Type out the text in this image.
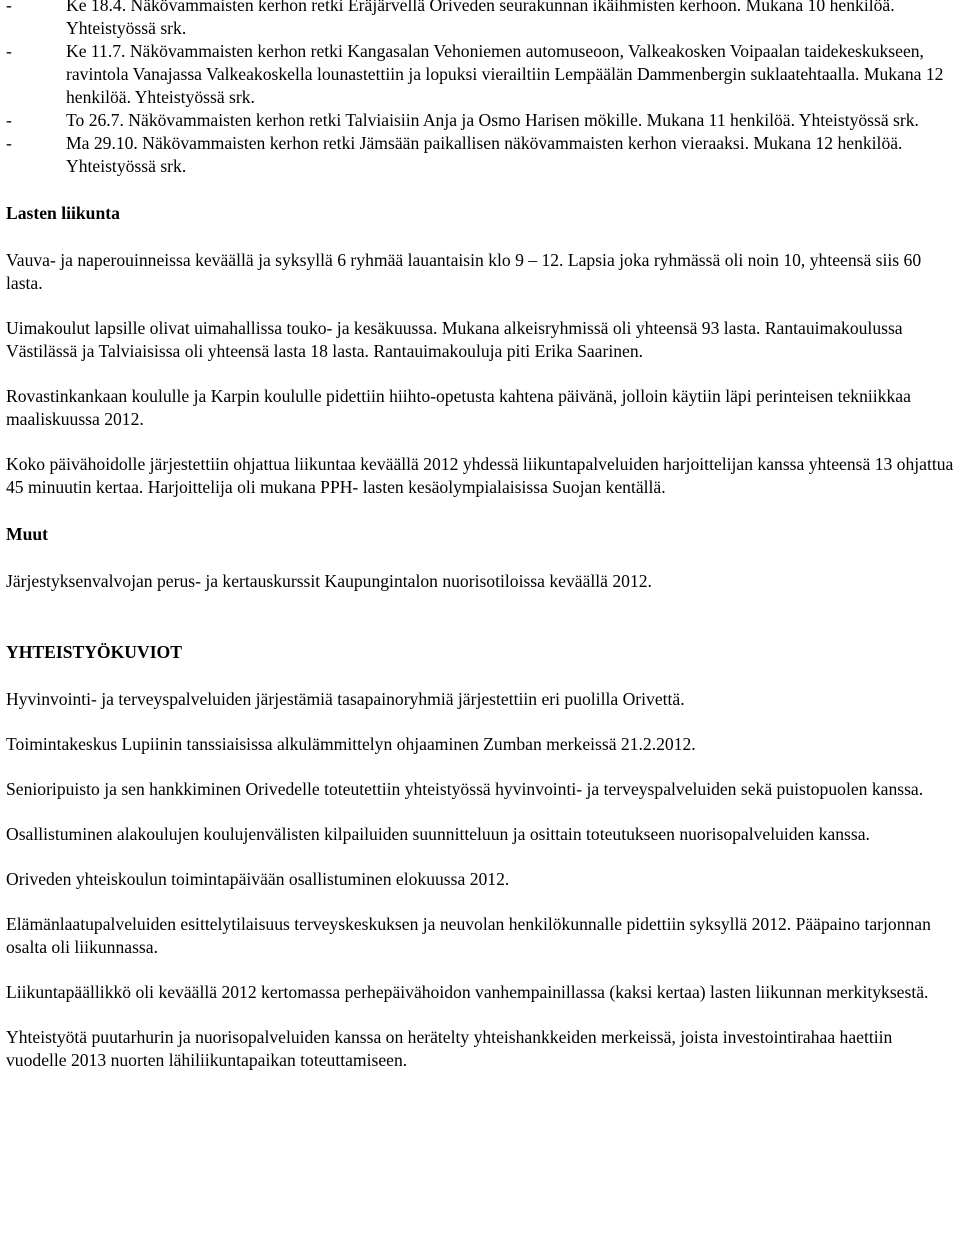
-	Ke 18.4. Näkövammaisten kerhon retki Eräjärvellä Oriveden seurakunnan ikäihmisten kerhoon. Mukana 10 henkilöä. Yhteistyössä srk.
-	Ke 11.7. Näkövammaisten kerhon retki Kangasalan Vehoniemen automuseoon, Valkeakosken Voipaalan taidekeskukseen, ravintola Vanajassa Valkeakoskella lounastettiin ja lopuksi vierailtiin Lempäälän Dammenbergin suklaatehtaalla. Mukana 12 henkilöä. Yhteistyössä srk.
-	To 26.7. Näkövammaisten kerhon retki Talviaisiin Anja ja Osmo Harisen mökille. Mukana 11 henkilöä. Yhteistyössä srk.
-	Ma 29.10. Näkövammaisten kerhon retki Jämsään paikallisen näkövammaisten kerhon vieraaksi. Mukana 12 henkilöä. Yhteistyössä srk.

Lasten liikunta

Vauva- ja naperouinneissa keväällä ja syksyllä 6 ryhmää lauantaisin klo 9 – 12. Lapsia joka ryhmässä oli noin 10, yhteensä siis 60 lasta.

Uimakoulut lapsille olivat uimahallissa touko- ja kesäkuussa. Mukana alkeisryhmissä oli yhteensä 93 lasta. Rantauimakoulussa Västilässä ja Talviaisissa oli yhteensä lasta 18 lasta. Rantauimakouluja piti Erika Saarinen.

Rovastinkankaan koululle ja Karpin koululle pidettiin hiihto-opetusta kahtena päivänä, jolloin käytiin läpi perinteisen tekniikkaa maaliskuussa 2012.

Koko päivähoidolle järjestettiin ohjattua liikuntaa keväällä 2012 yhdessä liikuntapalveluiden harjoittelijan kanssa yhteensä 13 ohjattua 45 minuutin kertaa. Harjoittelija oli mukana PPH- lasten kesäolympialaisissa Suojan kentällä.

Muut

Järjestyksenvalvojan perus- ja kertauskurssit Kaupungintalon nuorisotiloissa keväällä 2012.

YHTEISTYÖKUVIOT

Hyvinvointi- ja terveyspalveluiden järjestämiä tasapainoryhmiä järjestettiin eri puolilla Orivettä.

Toimintakeskus Lupiinin tanssiaisissa alkulämmittelyn ohjaaminen Zumban merkeissä 21.2.2012.

Senioripuisto ja sen hankkiminen Orivedelle toteutettiin yhteistyössä hyvinvointi- ja terveyspalveluiden sekä puistopuolen kanssa.

Osallistuminen alakoulujen koulujenvälisten kilpailuiden suunnitteluun ja osittain toteutukseen nuorisopalveluiden kanssa.

Oriveden yhteiskoulun toimintapäivään osallistuminen elokuussa 2012.

Elämänlaatupalveluiden esittelytilaisuus terveyskeskuksen ja neuvolan henkilökunnalle pidettiin syksyllä 2012. Pääpaino tarjonnan osalta oli liikunnassa.

Liikuntapäällikkö oli keväällä 2012 kertomassa perhepäivähoidon vanhempainillassa (kaksi kertaa) lasten liikunnan merkityksestä.

Yhteistyötä puutarhurin ja nuorisopalveluiden kanssa on herätelty yhteishankkeiden merkeissä, joista investointirahaa haettiin vuodelle 2013 nuorten lähiliikuntapaikan toteuttamiseen.
